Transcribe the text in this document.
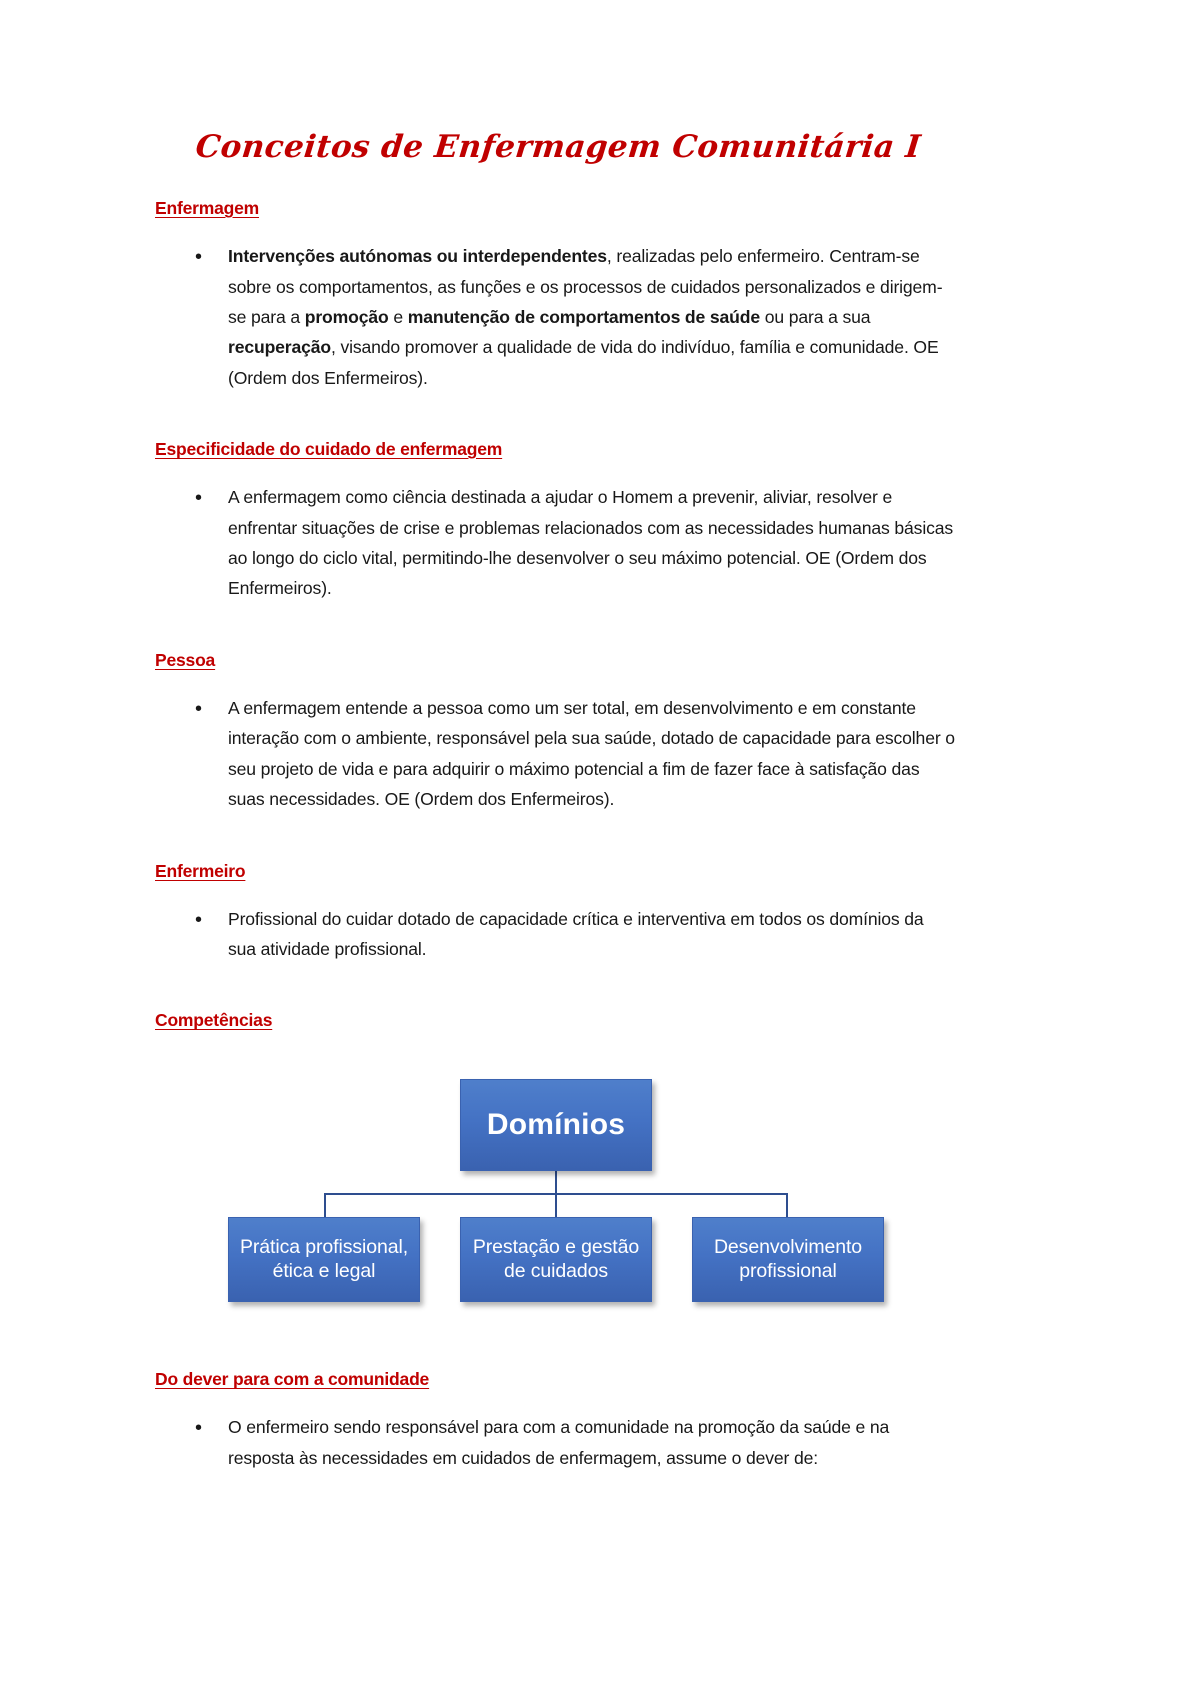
Conceitos de Enfermagem Comunitária I
Enfermagem
• Intervenções autónomas ou interdependentes, realizadas pelo enfermeiro. Centram-se sobre os comportamentos, as funções e os processos de cuidados personalizados e dirigem-se para a promoção e manutenção de comportamentos de saúde ou para a sua recuperação, visando promover a qualidade de vida do indivíduo, família e comunidade. OE (Ordem dos Enfermeiros).
Especificidade do cuidado de enfermagem
• A enfermagem como ciência destinada a ajudar o Homem a prevenir, aliviar, resolver e enfrentar situações de crise e problemas relacionados com as necessidades humanas básicas ao longo do ciclo vital, permitindo-lhe desenvolver o seu máximo potencial. OE (Ordem dos Enfermeiros).
Pessoa
• A enfermagem entende a pessoa como um ser total, em desenvolvimento e em constante interação com o ambiente, responsável pela sua saúde, dotado de capacidade para escolher o seu projeto de vida e para adquirir o máximo potencial a fim de fazer face à satisfação das suas necessidades. OE (Ordem dos Enfermeiros).
Enfermeiro
• Profissional do cuidar dotado de capacidade crítica e interventiva em todos os domínios da sua atividade profissional.
Competências
Domínios
Prática profissional, ética e legal
Prestação e gestão de cuidados
Desenvolvimento profissional
Do dever para com a comunidade
• O enfermeiro sendo responsável para com a comunidade na promoção da saúde e na resposta às necessidades em cuidados de enfermagem, assume o dever de:
